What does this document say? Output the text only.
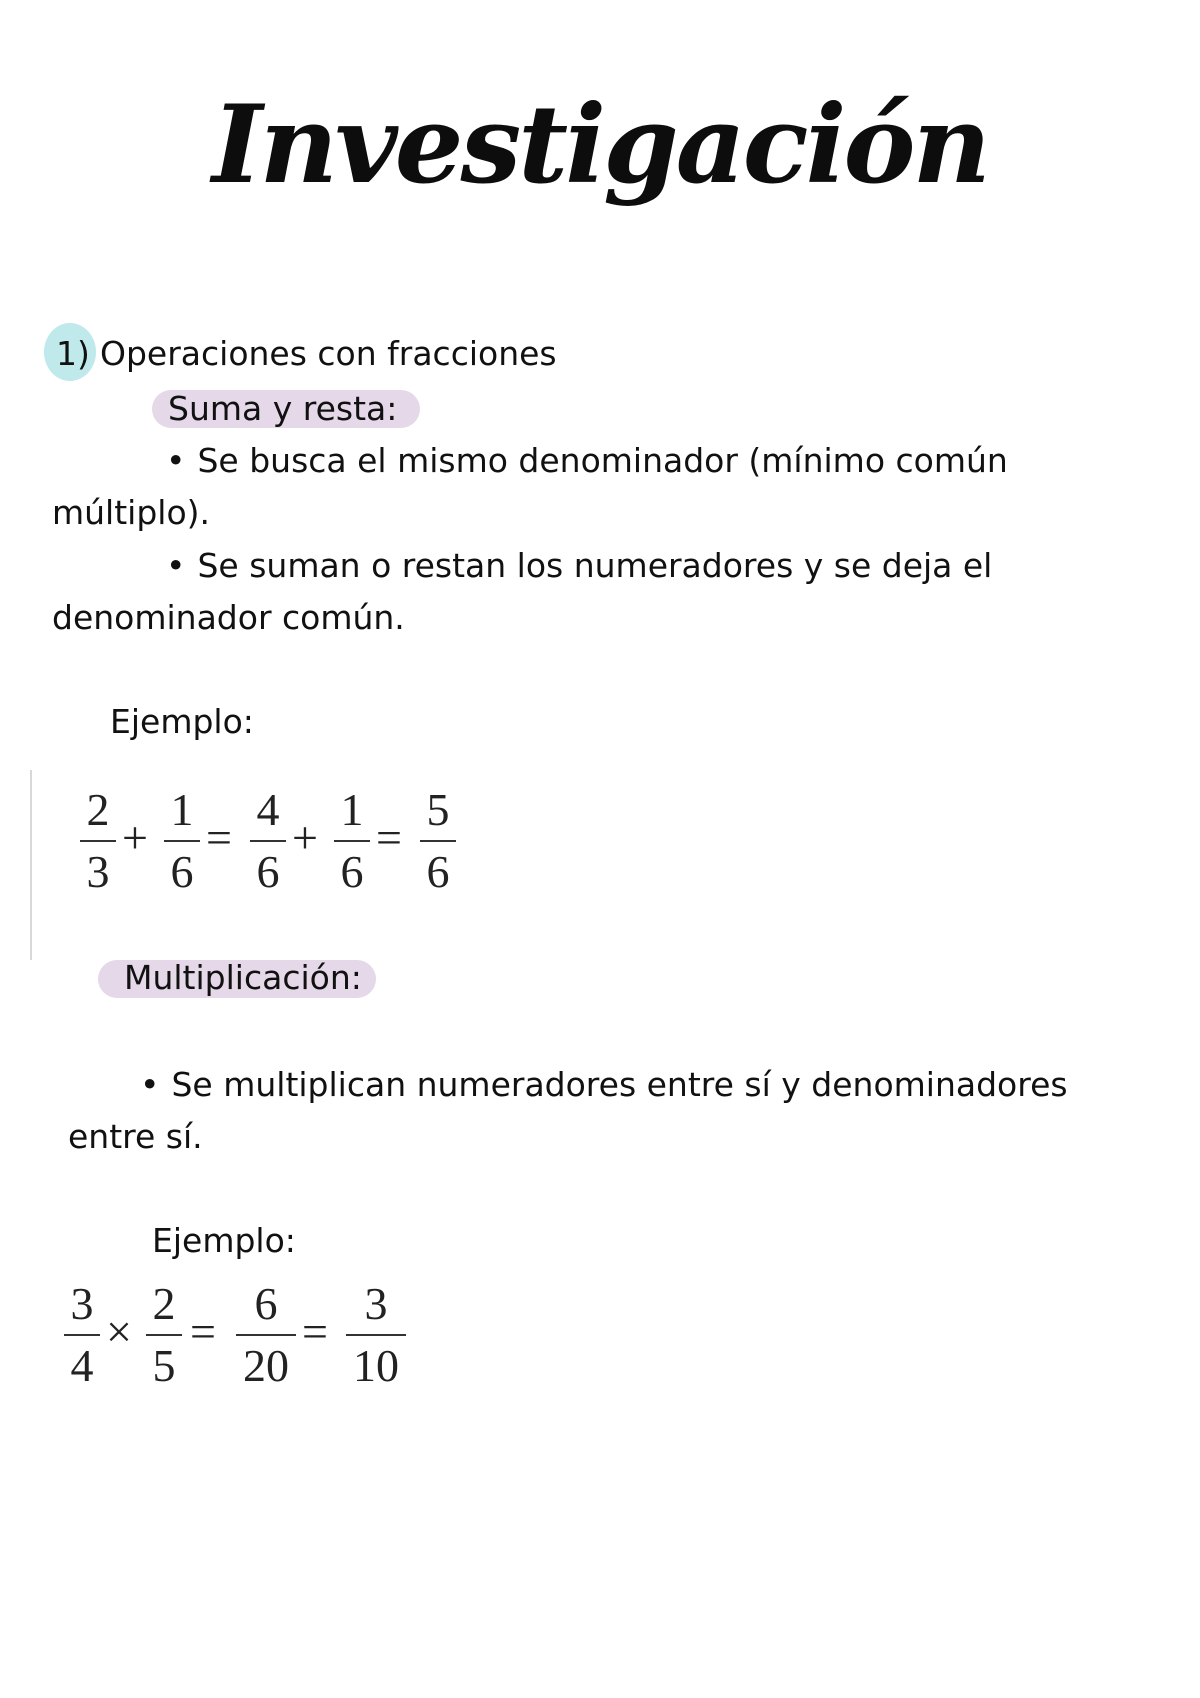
Investigación
1) Operaciones con fracciones
Suma y resta:
• Se busca el mismo denominador (mínimo común
múltiplo).
• Se suman o restan los numeradores y se deja el
denominador común.
Ejemplo:
2
3
+
1
6
=
4
6
+
1
6
=
5
6
Multiplicación:
• Se multiplican numeradores entre sí y denominadores
entre sí.
Ejemplo:
3
4
×
2
5
=
6
20
=
3
10
